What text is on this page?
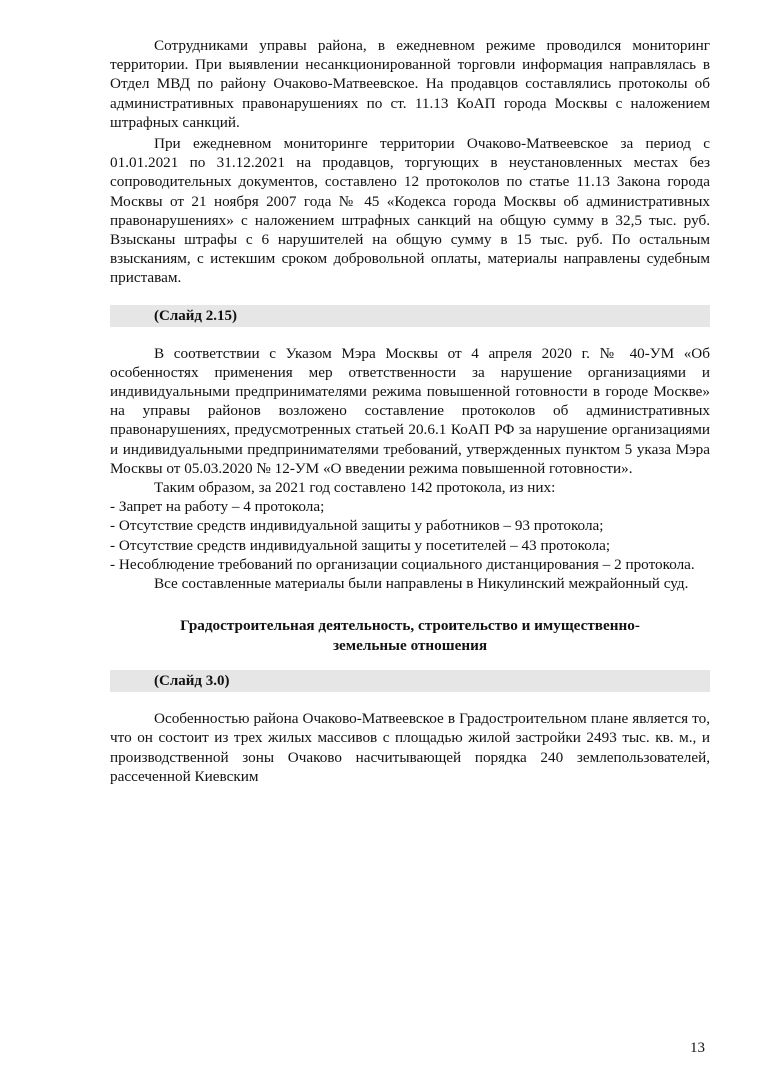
Сотрудниками управы района, в ежедневном режиме проводился мониторинг территории. При выявлении несанкционированной торговли информация направлялась в Отдел МВД по району Очаково-Матвеевское. На продавцов составлялись протоколы об административных правонарушениях по ст. 11.13 КоАП города Москвы с наложением штрафных санкций.

При ежедневном мониторинге территории Очаково-Матвеевское за период с 01.01.2021 по 31.12.2021 на продавцов, торгующих в неустановленных местах без сопроводительных документов, составлено 12 протоколов по статье 11.13 Закона города Москвы от 21 ноября 2007 года № 45 «Кодекса города Москвы об административных правонарушениях» с наложением штрафных санкций на общую сумму в 32,5 тыс. руб. Взысканы штрафы с 6 нарушителей на общую сумму в 15 тыс. руб. По остальным взысканиям, с истекшим сроком добровольной оплаты, материалы направлены судебным приставам.

(Слайд 2.15)

В соответствии с Указом Мэра Москвы от 4 апреля 2020 г. № 40-УМ «Об особенностях применения мер ответственности за нарушение организациями и индивидуальными предпринимателями режима повышенной готовности в городе Москве» на управы районов возложено составление протоколов об административных правонарушениях, предусмотренных статьей 20.6.1 КоАП РФ за нарушение организациями и индивидуальными предпринимателями требований, утвержденных пунктом 5 указа Мэра Москвы от 05.03.2020 № 12-УМ «О введении режима повышенной готовности».

Таким образом, за 2021 год составлено 142 протокола, из них:

- Запрет на работу – 4 протокола;

- Отсутствие средств индивидуальной защиты у работников – 93 протокола;

- Отсутствие средств индивидуальной защиты у посетителей – 43 протокола;

- Несоблюдение требований по организации социального дистанцирования – 2 протокола.

Все составленные материалы были направлены в Никулинский межрайонный суд.

Градостроительная деятельность, строительство и имущественно-земельные отношения
(Слайд 3.0)

Особенностью района Очаково-Матвеевское в Градостроительном плане является то, что он состоит из трех жилых массивов с площадью жилой застройки 2493 тыс. кв. м., и производственной зоны Очаково насчитывающей порядка 240 землепользователей, рассеченной Киевским

13
